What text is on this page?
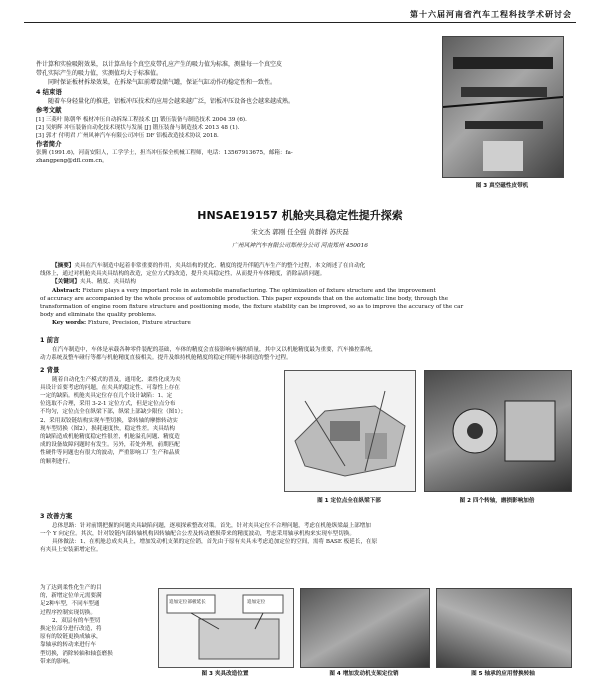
第十六届河南省汽车工程科技学术研讨会

件计算和实验吸附效果，以计算出每个真空皮带孔应产生的吸力值为标准，测量每一个真空皮

带孔实际产生的吸力值，实测值均大于标准值。

同时保证板材拆垛效果，在拆垛气缸前增设储气罐，保证气缸动作的稳定性和一致性。

4 结束语

随着车身轻量化的推进，铝板冲压技术的应用会越来越广泛，铝板冲压设备也会越来越成熟。

参考文献

[1] 三菱叶 陈朝华 板材冲压自动拆垛工程技术 [J] 锻压装备与制造技术 2004 39 (6)．

[2] 吴炳辉 冲压装备自动化技术现状与发展 [J] 锻压装备与制造技术 2013 48 (1)．

[3] 郭才 付明君 广州风神汽车有限公司冲压 DF 铝板改造技术协议 2018.

作者简介

张腾 (1991.6)，河南安阳人，工学学士，担当冲压保全机械工程师，电话：13567913675，邮箱：fa-

zhangpeng@dfl.com.cn。

图 3 真空磁性皮带机
HNSAE19157 机舱夹具稳定性提升探索
宋文杰 郭刚 任全强 黄群祥 苏庆磊
广州风神汽车有限公司郑州分公司 河南郑州 450016

【摘要】夹具在汽车制造中起着非常重要的作用，夹具结构的优化、精度的提升伴随汽车生产的整个过程，本文阐述了在自动化

线体上，通过对机舱夹具夹具结构的改造，定位方式的改造，提升夹具稳定性，从而提升车体精度，消除品质问题。

【关键词】夹具、精度、夹具结构

Abstract: Fixture plays a very important role in automobile manufacturing. The optimization of fixture structure and the improvement

of accuracy are accompanied by the whole process of automobile production. This paper expounds that on the automatic line body, through the

transformation of engine room fixture structure and positioning mode, the fixture stability can be improved, so as to improve the accuracy of the car

body and eliminate the quality problems.

Key words: Fixture, Precision, Fixture structure

1 前言

在汽车制造中，车体是承载各种零件装配的基础，车体的精度会直接影响车辆的质量，其中又以机舱精度最为重要，汽车操控系统，

动力系统及整车碰行等都与机舱精度直接相关。提升及维持机舱精度的稳定伴随车体制造的整个过程。

2 背景

随着自动化生产模式的普及，通用化、柔性化成为夹

具设计首要考虑的问题，在夹具的稳定性、可靠性上存在

一定的缺陷。机舱夹具定位存在几个设计缺陷：1、定

位选取不合理，采用 3-2-1 定位方式，但是定位点分布

不均匀，定位点全在纵梁下部，纵梁上部缺少限位（图1）；

2、采用双铰链结构实现车型切换，靠转轴的摩擦转动实

现车型切换（图2），损耗速度快，稳定性差。夹具结构

的缺陷造成机舱精度稳定性很差，机舱溢孔问题、精度造

成的设备故障问题时有发生。另外，若处外理，前期匹配

性硬件等问题也有很大的波动，严重影响工厂生产和品质

的顺利进行。

图 1 定位点全在纵梁下部	图 2 四个转轴，磨损影响加倍

3 改善方案

总体思路：针对前期把握的问题夹具缺陷问题，逐项探索整改对策。首先，针对夹具定位不合理问题，考虑在机舱纵梁最上部增加

一个 Y 向定位。其次，针对铰链内部转轴机构因转轴配合公差及转动磨损带来的精度波动，考虑采用轴承机构来实现车型切换。

具体做法：1、在机舱总成夹具上，增加发动机支架的定位销，首先由于原有夹具未考虑追加定位的空间，需将 BASE 板延长，在原

有夹具上安装新增定位。

为了达到柔性化生产的目

的，新增定位单元需要满

足2种车型，不同车型通

过程序控制实现切换。

2、双层有的车型切

换定位部分进行改造，将

原有的铰链更换成轴承，

靠轴承的转动来进行车

型切换，消除转轴和轴套磨损

带来的影响。

追加定位部板延长	追加定位
图 3 夹具改造位置	图 4 增加发动机支架定位销	图 5 轴承的应用替换转轴
